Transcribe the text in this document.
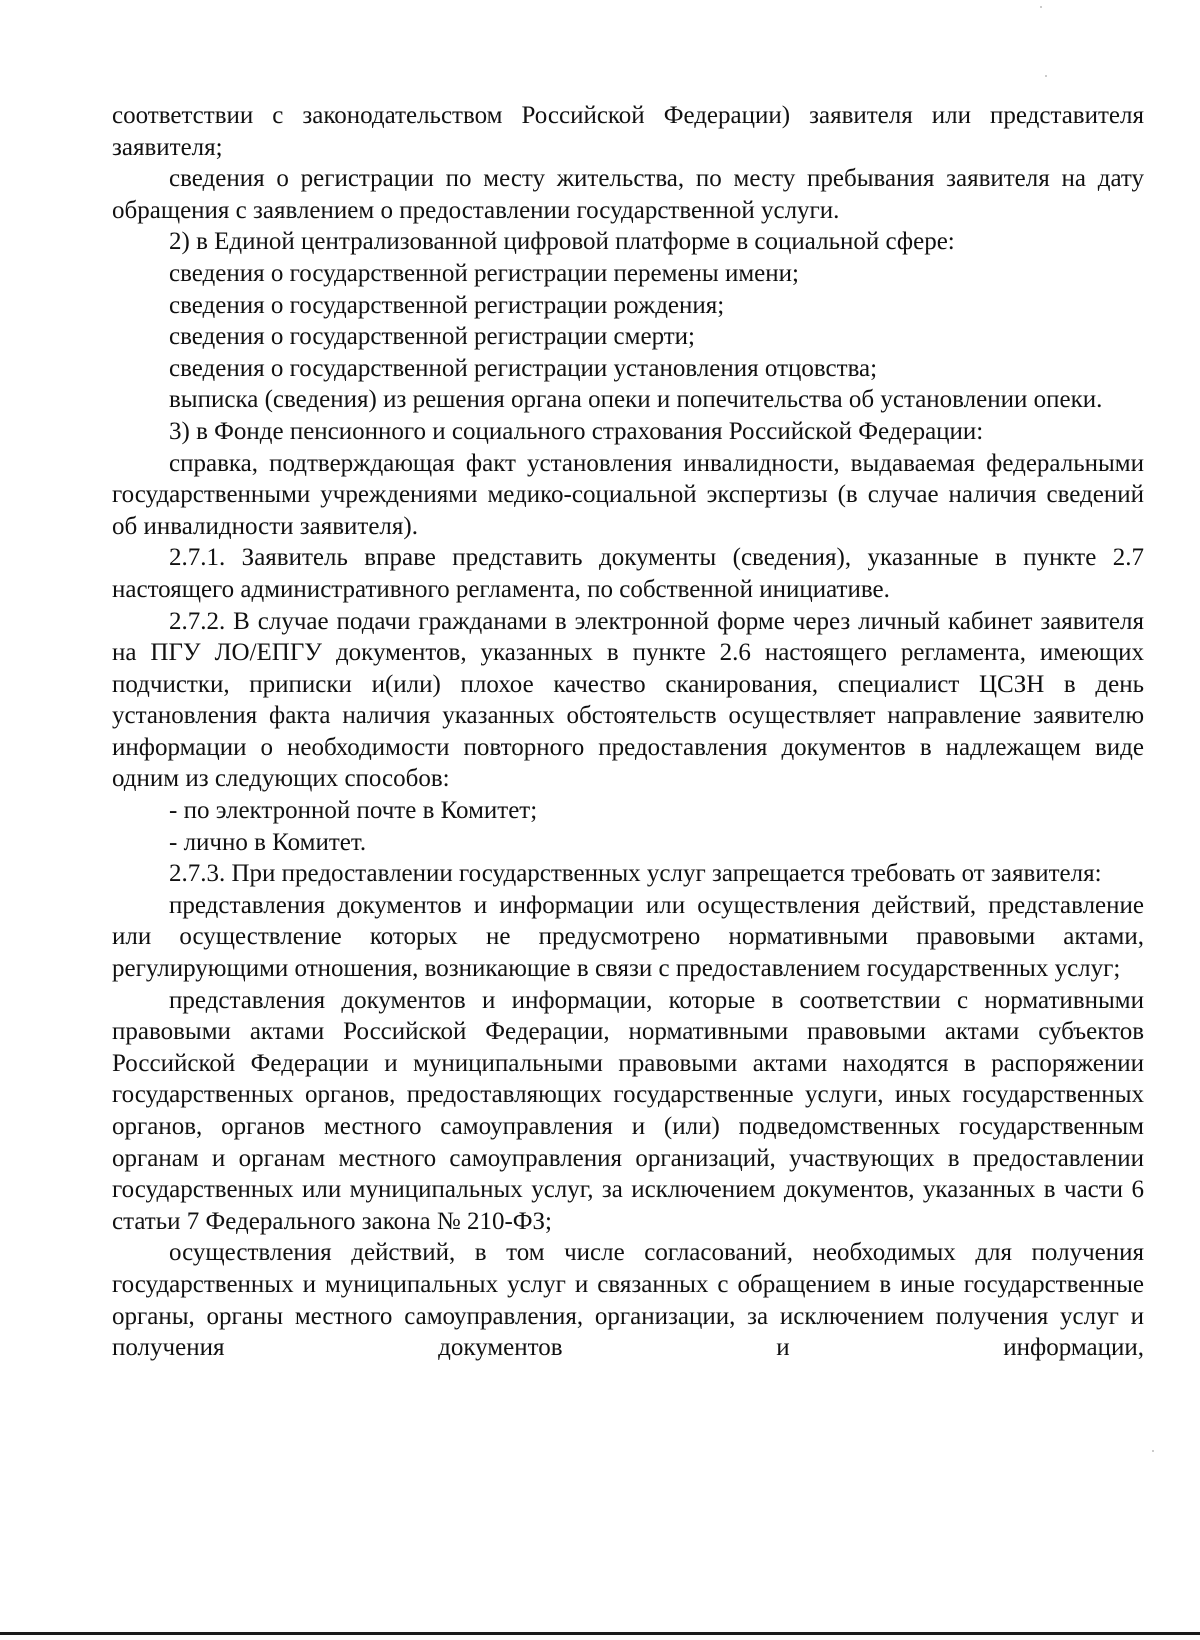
соответствии с законодательством Российской Федерации) заявителя или представителя заявителя;

сведения о регистрации по месту жительства, по месту пребывания заявителя на дату обращения с заявлением о предоставлении государственной услуги.

2) в Единой централизованной цифровой платформе в социальной сфере:

сведения о государственной регистрации перемены имени;

сведения о государственной регистрации рождения;

сведения о государственной регистрации смерти;

сведения о государственной регистрации установления отцовства;

выписка (сведения) из решения органа опеки и попечительства об установлении опеки.

3) в Фонде пенсионного и социального страхования Российской Федерации:

справка, подтверждающая факт установления инвалидности, выдаваемая федеральными государственными учреждениями медико-социальной экспертизы (в случае наличия сведений об инвалидности заявителя).

2.7.1. Заявитель вправе представить документы (сведения), указанные в пункте 2.7 настоящего административного регламента, по собственной инициативе.

2.7.2. В случае подачи гражданами в электронной форме через личный кабинет заявителя на ПГУ ЛО/ЕПГУ документов, указанных в пункте 2.6 настоящего регламента, имеющих подчистки, приписки и(или) плохое качество сканирования, специалист ЦСЗН в день установления факта наличия указанных обстоятельств осуществляет направление заявителю информации о необходимости повторного предоставления документов в надлежащем виде одним из следующих способов:

- по электронной почте в Комитет;

- лично в Комитет.

2.7.3. При предоставлении государственных услуг запрещается требовать от заявителя:

представления документов и информации или осуществления действий, представление или осуществление которых не предусмотрено нормативными правовыми актами, регулирующими отношения, возникающие в связи с предоставлением государственных услуг;

представления документов и информации, которые в соответствии с нормативными правовыми актами Российской Федерации, нормативными правовыми актами субъектов Российской Федерации и муниципальными правовыми актами находятся в распоряжении государственных органов, предоставляющих государственные услуги, иных государственных органов, органов местного самоуправления и (или) подведомственных государственным органам и органам местного самоуправления организаций, участвующих в предоставлении государственных или муниципальных услуг, за исключением документов, указанных в части 6 статьи 7 Федерального закона № 210-ФЗ;

осуществления действий, в том числе согласований, необходимых для получения государственных и муниципальных услуг и связанных с обращением в иные государственные органы, органы местного самоуправления, организации, за исключением получения услуг и получения документов и информации,
